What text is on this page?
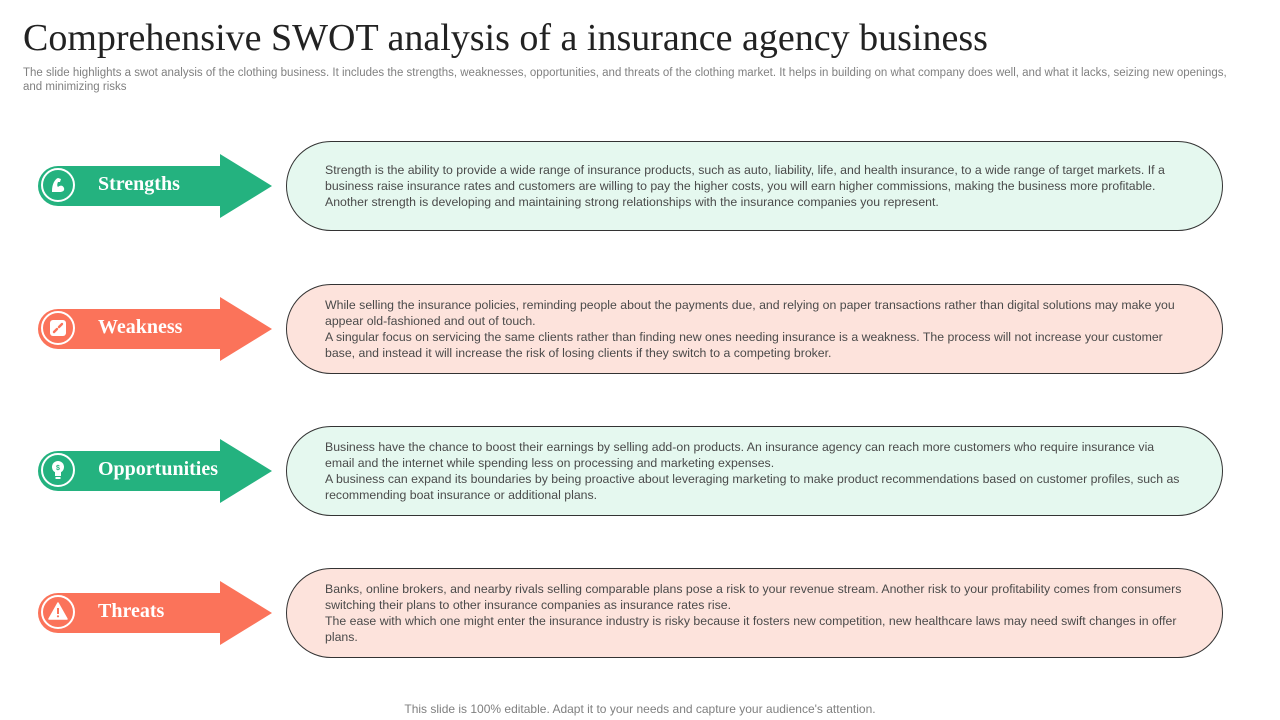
Comprehensive SWOT analysis of a insurance agency business
The slide highlights a swot analysis of the clothing business. It includes the strengths, weaknesses, opportunities, and threats of the clothing market. It helps in building on what company does well, and what it lacks, seizing new openings, and minimizing risks
Strengths

Strength is the ability to provide a wide range of insurance products, such as auto, liability, life, and health insurance, to a wide range of target markets. If a business raise insurance rates and customers are willing to pay the higher costs, you will earn higher commissions, making the business more profitable.

Another strength is developing and maintaining strong relationships with the insurance companies you represent.

Weakness

While selling the insurance policies, reminding people about the payments due, and relying on paper transactions rather than digital solutions may make you appear old-fashioned and out of touch.

A singular focus on servicing the same clients rather than finding new ones needing insurance is a weakness. The process will not increase your customer base, and instead it will increase the risk of losing clients if they switch to a competing broker.

$ Opportunities

Business have the chance to boost their earnings by selling add-on products. An insurance agency can reach more customers who require insurance via email and the internet while spending less on processing and marketing expenses.

A business can expand its boundaries by being proactive about leveraging marketing to make product recommendations based on customer profiles, such as recommending boat insurance or additional plans.

Threats

Banks, online brokers, and nearby rivals selling comparable plans pose a risk to your revenue stream. Another risk to your profitability comes from consumers switching their plans to other insurance companies as insurance rates rise.

The ease with which one might enter the insurance industry is risky because it fosters new competition, new healthcare laws may need swift changes in offer plans.

This slide is 100% editable. Adapt it to your needs and capture your audience's attention.
